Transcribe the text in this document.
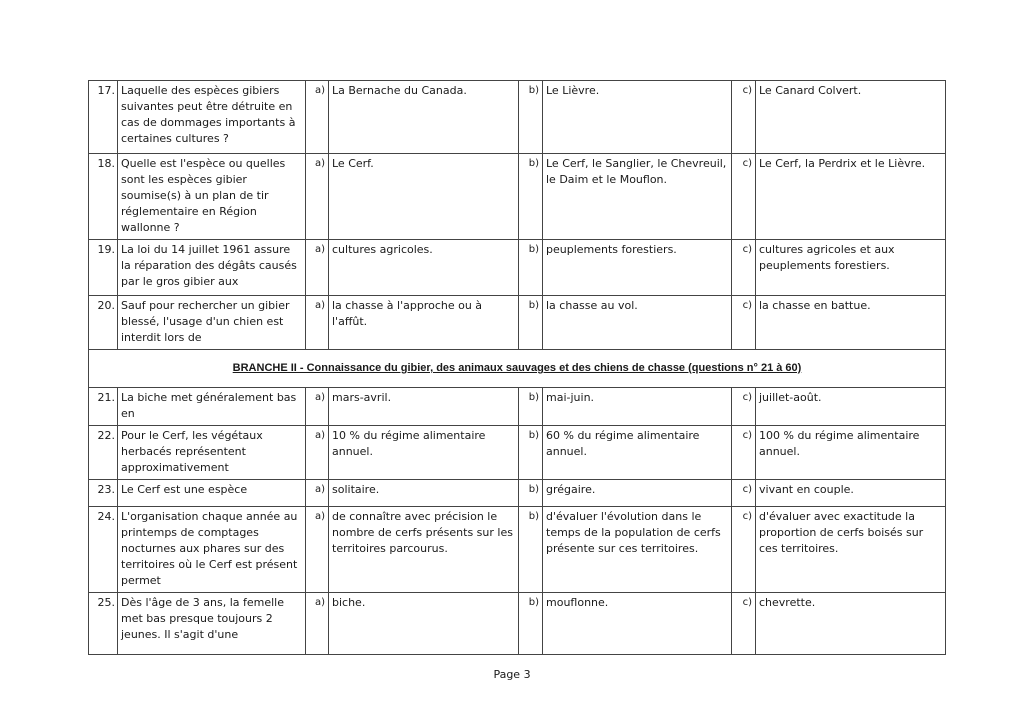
17.	Laquelle des espèces gibiers suivantes peut être détruite en cas de dommages importants à certaines cultures ?	a)	La Bernache du Canada.	b)	Le Lièvre.	c)	Le Canard Colvert.
18.	Quelle est l'espèce ou quelles sont les espèces gibier soumise(s) à un plan de tir réglementaire en Région wallonne ?	a)	Le Cerf.	b)	Le Cerf, le Sanglier, le Chevreuil, le Daim et le Mouflon.	c)	Le Cerf, la Perdrix et le Lièvre.
19.	La loi du 14 juillet 1961 assure la réparation des dégâts causés par le gros gibier aux	a)	cultures agricoles.	b)	peuplements forestiers.	c)	cultures agricoles et aux peuplements forestiers.
20.	Sauf pour rechercher un gibier blessé, l'usage d'un chien est interdit lors de	a)	la chasse à l'approche ou à l'affût.	b)	la chasse au vol.	c)	la chasse en battue.
BRANCHE II - Connaissance du gibier, des animaux sauvages et des chiens de chasse (questions n° 21 à 60)							
21.	La biche met généralement bas en	a)	mars-avril.	b)	mai-juin.	c)	juillet-août.
22.	Pour le Cerf, les végétaux herbacés représentent approximativement	a)	10 % du régime alimentaire annuel.	b)	60 % du régime alimentaire annuel.	c)	100 % du régime alimentaire annuel.
23.	Le Cerf est une espèce	a)	solitaire.	b)	grégaire.	c)	vivant en couple.
24.	L'organisation chaque année au printemps de comptages nocturnes aux phares sur des territoires où le Cerf est présent permet	a)	de connaître avec précision le nombre de cerfs présents sur les territoires parcourus.	b)	d'évaluer l'évolution dans le temps de la population de cerfs présente sur ces territoires.	c)	d'évaluer avec exactitude la proportion de cerfs boisés sur ces territoires.
25.	Dès l'âge de 3 ans, la femelle met bas presque toujours 2 jeunes. Il s'agit d'une	a)	biche.	b)	mouflonne.	c)	chevrette.
Page 3
